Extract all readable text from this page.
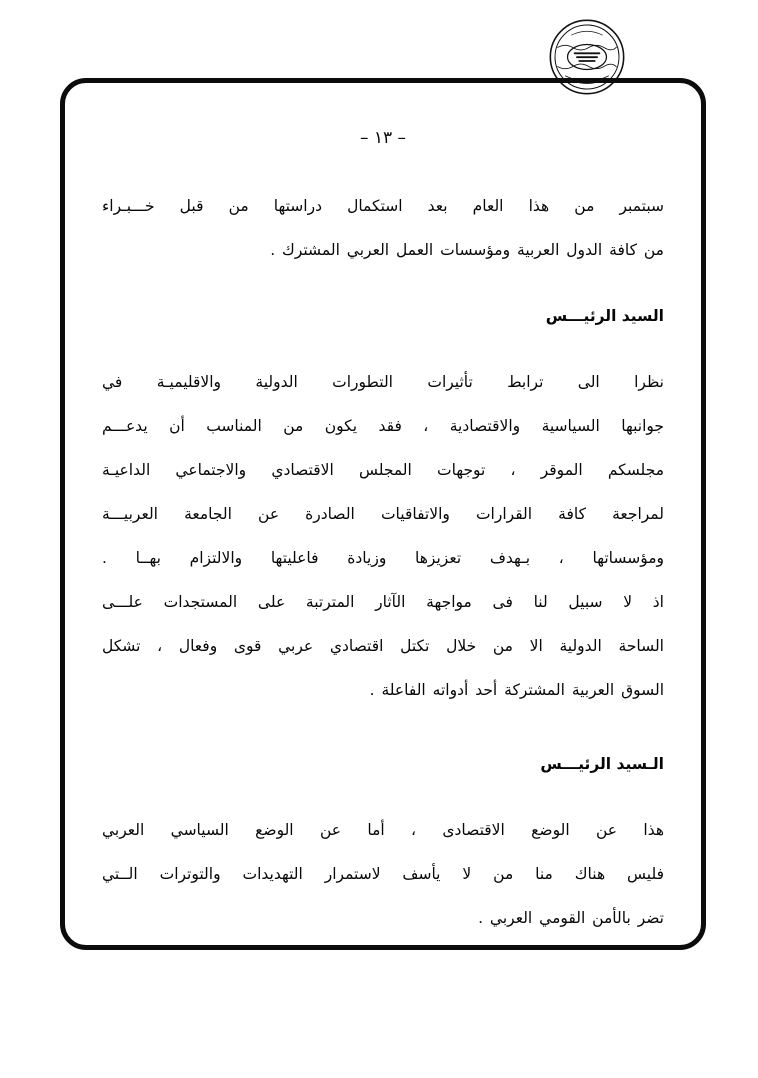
– ١٣ –

سبتمبر من هذا العام بعد استكمال دراستها من قبل خـــبـراء

من كافة الدول العربية ومؤسسات العمل العربي المشترك .

السيد الرئيـــس

نظرا الى ترابط تأثيرات التطورات الدولية والاقليميـة في

جوانبها السياسية والاقتصادية ، فقد يكون من المناسب أن يدعـــم

مجلسكم الموقر ، توجهات المجلس الاقتصادي والاجتماعي الداعيـة

لمراجعة كافة القرارات والاتفاقيات الصادرة عن الجامعة العربيـــة

ومؤسساتها ، بـهدف تعزيزها وزيادة فاعليتها والالتزام بهــا .

اذ لا سبيل لنا فى مواجهة الآثار المترتبة على المستجدات علـــى

الساحة الدولية الا من خلال تكتل اقتصادي عربي قوى وفعال ، تشكل

السوق العربية المشتركة أحد أدواته الفاعلة .

الـسيد الرئيـــس

هذا عن الوضع الاقتصادى ، أما عن الوضع السياسي العربي

فليس هناك منا من لا يأسف لاستمرار التهديدات والتوترات الــتي

تضر بالأمن القومي العربي .
